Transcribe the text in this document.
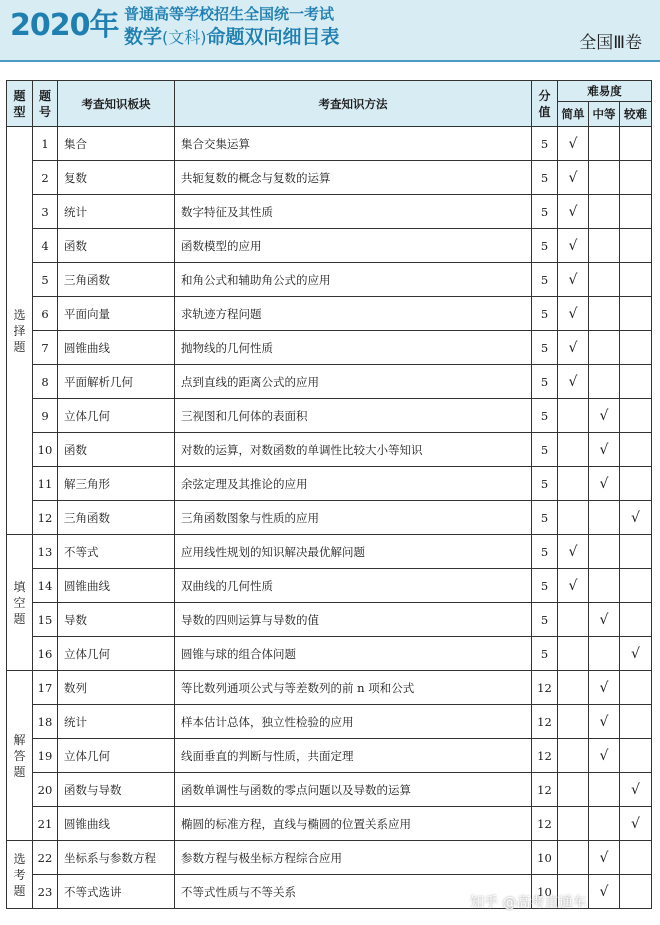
2020年 普通高等学校招生全国统一考试
数学(文科)命题双向细目表	全国Ⅲ卷
题型	题号	考查知识板块	考查知识方法	分值	难易度		
					简单	中等	较难
选择题	1	集合	集合交集运算	5	√		
	2	复数	共轭复数的概念与复数的运算	5	√		
	3	统计	数字特征及其性质	5	√		
	4	函数	函数模型的应用	5	√		
	5	三角函数	和角公式和辅助角公式的应用	5	√		
	6	平面向量	求轨迹方程问题	5	√		
	7	圆锥曲线	抛物线的几何性质	5	√		
	8	平面解析几何	点到直线的距离公式的应用	5	√		
	9	立体几何	三视图和几何体的表面积	5		√	
	10	函数	对数的运算，对数函数的单调性比较大小等知识	5		√	
	11	解三角形	余弦定理及其推论的应用	5		√	
	12	三角函数	三角函数图象与性质的应用	5			√
填空题	13	不等式	应用线性规划的知识解决最优解问题	5	√		
	14	圆锥曲线	双曲线的几何性质	5	√		
	15	导数	导数的四则运算与导数的值	5		√	
	16	立体几何	圆锥与球的组合体问题	5			√
解答题	17	数列	等比数列通项公式与等差数列的前 n 项和公式	12		√	
	18	统计	样本估计总体，独立性检验的应用	12		√	
	19	立体几何	线面垂直的判断与性质，共面定理	12		√	
	20	函数与导数	函数单调性与函数的零点问题以及导数的运算	12			√
	21	圆锥曲线	椭圆的标准方程，直线与椭圆的位置关系应用	12			√
选考题	22	坐标系与参数方程	参数方程与极坐标方程综合应用	10		√	
	23	不等式选讲	不等式性质与不等关系	10		√	
知乎 @高考直通车
